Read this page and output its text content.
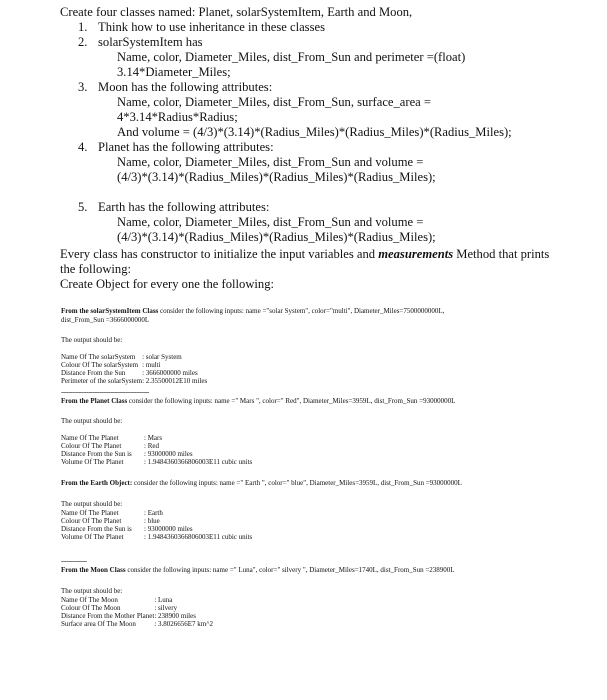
Create four classes named: Planet, solarSystemItem, Earth and Moon,
1. Think how to use inheritance in these classes
2. solarSystemItem has
Name, color, Diameter_Miles, dist_From_Sun and perimeter =(float)
3.14*Diameter_Miles;
3. Moon has the following attributes:
Name, color, Diameter_Miles, dist_From_Sun, surface_area =
4*3.14*Radius*Radius;
And volume = (4/3)*(3.14)*(Radius_Miles)*(Radius_Miles)*(Radius_Miles);
4. Planet has the following attributes:
Name, color, Diameter_Miles, dist_From_Sun and volume =
(4/3)*(3.14)*(Radius_Miles)*(Radius_Miles)*(Radius_Miles);
5. Earth has the following attributes:
Name, color, Diameter_Miles, dist_From_Sun and volume =
(4/3)*(3.14)*(Radius_Miles)*(Radius_Miles)*(Radius_Miles);
Every class has constructor to initialize the input variables and measurements Method that prints
the following:
Create Object for every one the following:
From the solarSystemItem Class consider the following inputs: name ="solar System", color="multi", Diameter_Miles=7500000000L,
dist_From_Sun =3666000000L
The output should be:
Name Of The solarSystem	: solar System
Colour Of The solarSystem	: multi
Distance From the Sun	: 3666000000 miles
Perimeter of the solarSystem	: 2.35500012E10 miles
------------------------------------------------
From the Planet Class consider the following inputs: name =" Mars ", color=" Red", Diameter_Miles=3959L, dist_From_Sun =93000000L
The output should be:
Name Of The Planet	: Mars
Colour Of The Planet	: Red
Distance From the Sun is	: 93000000 miles
Volume Of The Planet	: 1.9484360366806003E11 cubic units
From the Earth Object: consider the following inputs: name =" Earth ", color=" blue", Diameter_Miles=3959L, dist_From_Sun =93000000L
The output should be:
Name Of The Planet	: Earth
Colour Of The Planet	: blue
Distance From the Sun is	: 93000000 miles
Volume Of The Planet	: 1.9484360366806003E11 cubic units
--------------
From the Moon Class consider the following inputs: name =" Luna", color=" silvery ", Diameter_Miles=1740L, dist_From_Sun =238900L
The output should be:
Name Of The Moon	: Luna
Colour Of The Moon	: silvery
Distance From the Mother Planet	: 238900 miles
Surface area Of The Moon	: 3.8026656E7 km^2
